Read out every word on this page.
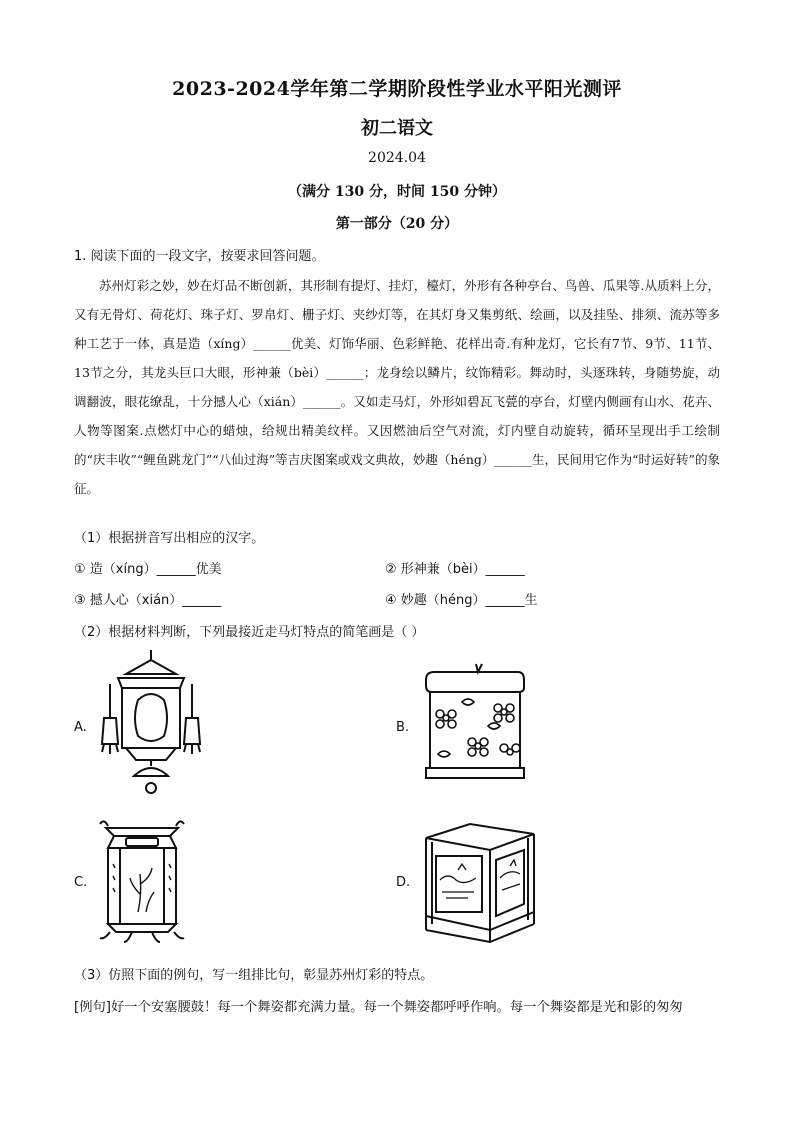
2023-2024学年第二学期阶段性学业水平阳光测评
初二语文
2024.04
（满分 130 分，时间 150 分钟）
第一部分（20 分）
1. 阅读下面的一段文字，按要求回答问题。

苏州灯彩之妙，妙在灯品不断创新，其形制有提灯、挂灯，檯灯，外形有各种亭台、鸟兽、瓜果等.从质料上分，又有无骨灯、荷花灯、珠子灯、罗帛灯、栅子灯、夹纱灯等，在其灯身又集剪纸、绘画，以及挂坠、排须、流苏等多种工艺于一体，真是造（xíng）______优美、灯饰华丽、色彩鲜艳、花样出奇.有种龙灯，它长有7节、9节、11节、13节之分，其龙头巨口大眼，形神兼（bèi）______；龙身绘以鳞片，纹饰精彩。舞动时，头逐珠转，身随势旋，动调翻波，眼花缭乱，十分撼人心（xián）______。又如走马灯，外形如碧瓦飞甍的亭台，灯壁内侧画有山水、花卉、人物等图案.点燃灯中心的蜡烛，给规出精美纹样。又因燃油后空气对流，灯内壁自动旋转，循环呈现出手工绘制的“庆丰收”“鲤鱼跳龙门”“八仙过海”等吉庆图案或戏文典故，妙趣（héng）______生，民间用它作为“时运好转”的象征。

（1）根据拼音写出相应的汉字。
① 造（xíng）______优美	② 形神兼（bèi）______
③ 撼人心（xián）______	④ 妙趣（héng）______生
（2）根据材料判断，下列最接近走马灯特点的简笔画是（ ）
A.	B.
C.	D.
（3）仿照下面的例句，写一组排比句，彰显苏州灯彩的特点。
[例句]好一个安塞腰鼓！每一个舞姿都充满力量。每一个舞姿都呼呼作响。每一个舞姿都是光和影的匆匆
